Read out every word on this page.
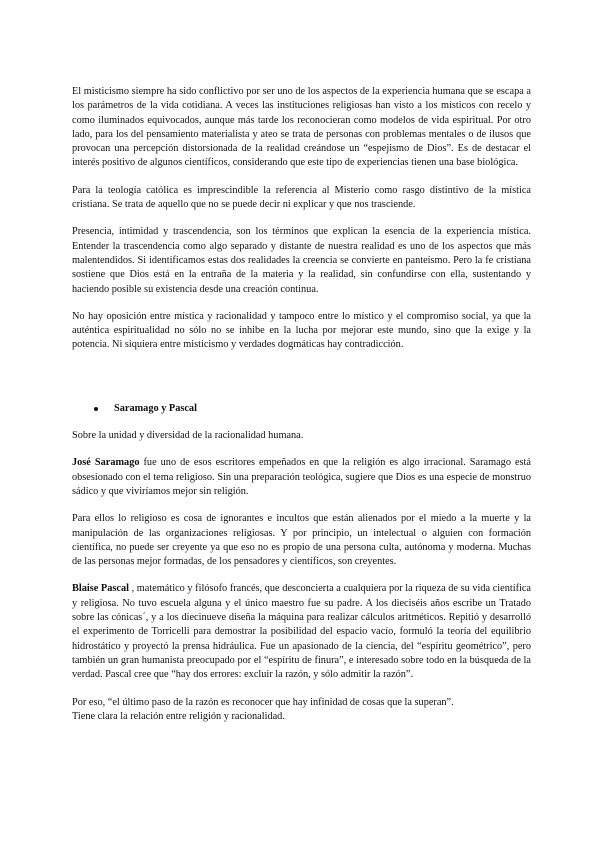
El misticismo siempre ha sido conflictivo por ser uno de los aspectos de la experiencia humana que se escapa a los parámetros de la vida cotidiana. A veces las instituciones religiosas han visto a los místicos con recelo y como iluminados equivocados, aunque más tarde los reconocieran como modelos de vida espiritual. Por otro lado, para los del pensamiento materialista y ateo se trata de personas con problemas mentales o de ilusos que provocan una percepción distorsionada de la realidad creándose un “espejismo de Dios”. Es de destacar el interés positivo de algunos científicos, considerando que este tipo de experiencias tienen una base biológica.

Para la teología católica es imprescindible la referencia al Misterio como rasgo distintivo de la mística cristiana. Se trata de aquello que no se puede decir ni explicar y que nos trasciende.

Presencia, intimidad y trascendencia, son los términos que explican la esencia de la experiencia mística. Entender la trascendencia como algo separado y distante de nuestra realidad es uno de los aspectos que más malentendidos. Si identificamos estas dos realidades la creencia se convierte en panteísmo. Pero la fe cristiana sostiene que Dios está en la entraña de la materia y la realidad, sin confundirse con ella, sustentando y haciendo posible su existencia desde una creación continua.

No hay oposición entre mística y racionalidad y tampoco entre lo místico y el compromiso social, ya que la auténtica espiritualidad no sólo no se inhibe en la lucha por mejorar este mundo, sino que la exige y la potencia. Ni siquiera entre misticismo y verdades dogmáticas hay contradicción.

Saramago y Pascal

Sobre la unidad y diversidad de la racionalidad humana.

José Saramago fue uno de esos escritores empeñados en que la religión es algo irracional. Saramago está obsesionado con el tema religioso. Sin una preparación teológica, sugiere que Dios es una especie de monstruo sádico y que viviríamos mejor sin religión.

Para ellos lo religioso es cosa de ignorantes e incultos que están alienados por el miedo a la muerte y la manipulación de las organizaciones religiosas. Y por principio, un intelectual o alguien con formación científica, no puede ser creyente ya que eso no es propio de una persona culta, autónoma y moderna. Muchas de las personas mejor formadas, de los pensadores y científicos, son creyentes.

Blaise Pascal , matemático y filósofo francés, que desconcierta a cualquiera por la riqueza de su vida científica y religiosa. No tuvo escuela alguna y el único maestro fue su padre. A los dieciséis años escribe un Tratado sobre las cónicas´, y a los diecinueve diseña la máquina para realizar cálculos aritméticos. Repitió y desarrolló el experimento de Torricelli para demostrar la posibilidad del espacio vacío, formuló la teoría del equilibrio hidrostático y proyectó la prensa hidráulica. Fue un apasionado de la ciencia, del “espíritu geométrico”, pero también un gran humanista preocupado por el “espíritu de finura”, e interesado sobre todo en la búsqueda de la verdad. Pascal cree que “hay dos errores: excluir la razón, y sólo admitir la razón”.

Por eso, “el último paso de la razón es reconocer que hay infinidad de cosas que la superan”.

Tiene clara la relación entre religión y racionalidad.
